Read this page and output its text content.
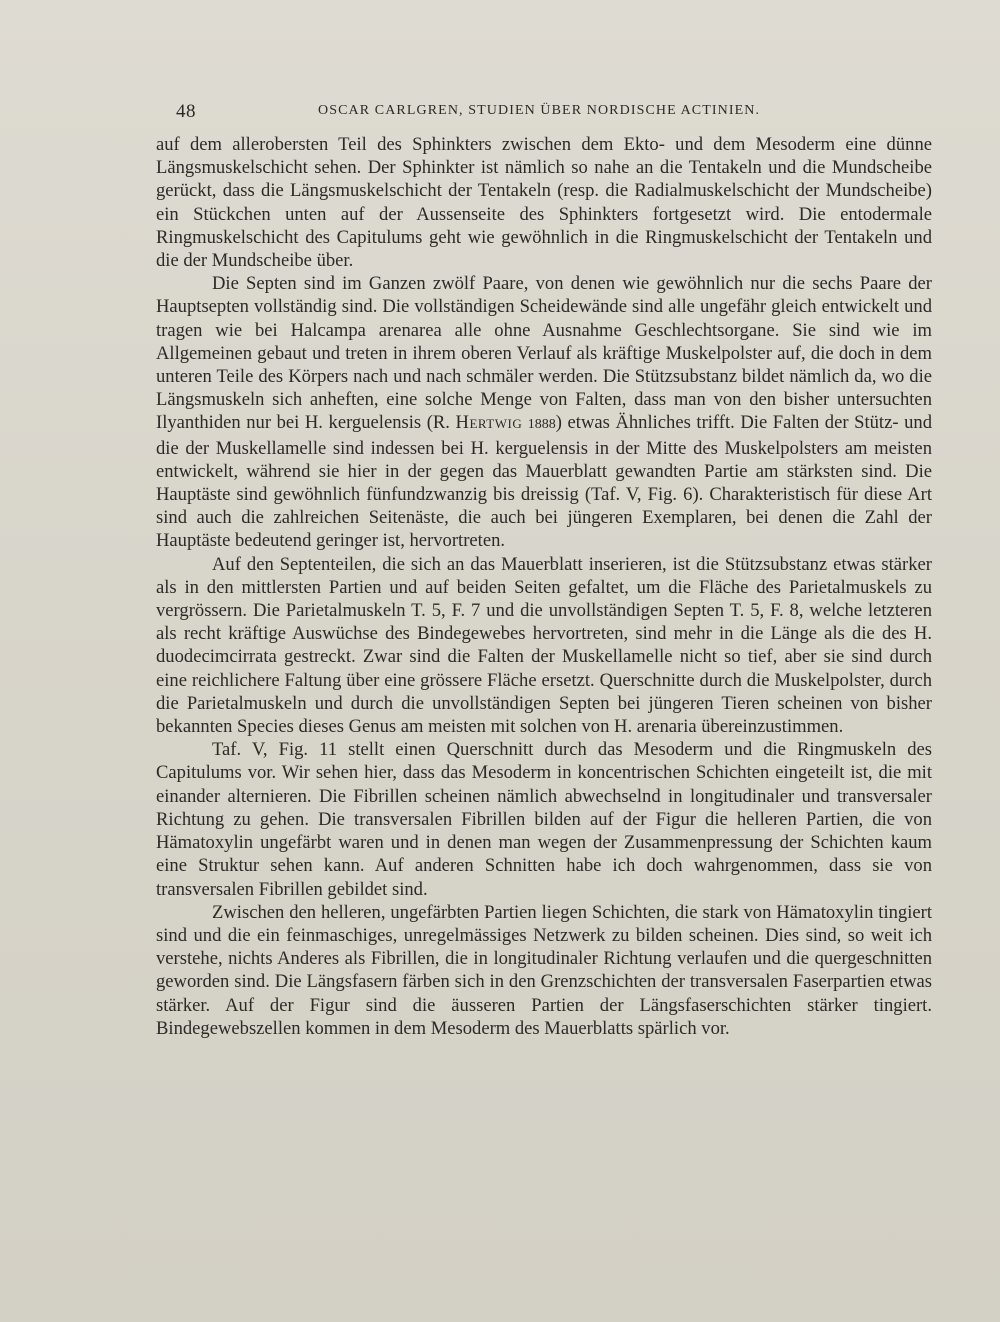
48	OSCAR CARLGREN, STUDIEN ÜBER NORDISCHE ACTINIEN.

auf dem allerobersten Teil des Sphinkters zwischen dem Ekto- und dem Mesoderm eine dünne Längsmuskelschicht sehen. Der Sphinkter ist nämlich so nahe an die Tentakeln und die Mundscheibe gerückt, dass die Längsmuskelschicht der Tentakeln (resp. die Radialmuskelschicht der Mundscheibe) ein Stückchen unten auf der Aussenseite des Sphinkters fortgesetzt wird. Die entodermale Ringmuskelschicht des Capitulums geht wie gewöhnlich in die Ringmuskelschicht der Tentakeln und die der Mundscheibe über.

Die Septen sind im Ganzen zwölf Paare, von denen wie gewöhnlich nur die sechs Paare der Hauptsepten vollständig sind. Die vollständigen Scheidewände sind alle ungefähr gleich entwickelt und tragen wie bei Halcampa arenarea alle ohne Ausnahme Geschlechtsorgane. Sie sind wie im Allgemeinen gebaut und treten in ihrem oberen Verlauf als kräftige Muskelpolster auf, die doch in dem unteren Teile des Körpers nach und nach schmäler werden. Die Stützsubstanz bildet nämlich da, wo die Längsmuskeln sich anheften, eine solche Menge von Falten, dass man von den bisher untersuchten Ilyanthiden nur bei H. kerguelensis (R. Hertwig 1888) etwas Ähnliches trifft. Die Falten der Stütz- und die der Muskellamelle sind indessen bei H. kerguelensis in der Mitte des Muskelpolsters am meisten entwickelt, während sie hier in der gegen das Mauerblatt gewandten Partie am stärksten sind. Die Hauptäste sind gewöhnlich fünfundzwanzig bis dreissig (Taf. V, Fig. 6). Charakteristisch für diese Art sind auch die zahlreichen Seitenäste, die auch bei jüngeren Exemplaren, bei denen die Zahl der Hauptäste bedeutend geringer ist, hervortreten.

Auf den Septenteilen, die sich an das Mauerblatt inserieren, ist die Stützsubstanz etwas stärker als in den mittlersten Partien und auf beiden Seiten gefaltet, um die Fläche des Parietalmuskels zu vergrössern. Die Parietalmuskeln T. 5, F. 7 und die unvollständigen Septen T. 5, F. 8, welche letzteren als recht kräftige Auswüchse des Bindegewebes hervortreten, sind mehr in die Länge als die des H. duodecimcirrata gestreckt. Zwar sind die Falten der Muskellamelle nicht so tief, aber sie sind durch eine reichlichere Faltung über eine grössere Fläche ersetzt. Querschnitte durch die Muskelpolster, durch die Parietalmuskeln und durch die unvollständigen Septen bei jüngeren Tieren scheinen von bisher bekannten Species dieses Genus am meisten mit solchen von H. arenaria übereinzustimmen.

Taf. V, Fig. 11 stellt einen Querschnitt durch das Mesoderm und die Ringmuskeln des Capitulums vor. Wir sehen hier, dass das Mesoderm in koncentrischen Schichten eingeteilt ist, die mit einander alternieren. Die Fibrillen scheinen nämlich abwechselnd in longitudinaler und transversaler Richtung zu gehen. Die transversalen Fibrillen bilden auf der Figur die helleren Partien, die von Hämatoxylin ungefärbt waren und in denen man wegen der Zusammenpressung der Schichten kaum eine Struktur sehen kann. Auf anderen Schnitten habe ich doch wahrgenommen, dass sie von transversalen Fibrillen gebildet sind.

Zwischen den helleren, ungefärbten Partien liegen Schichten, die stark von Hämatoxylin tingiert sind und die ein feinmaschiges, unregelmässiges Netzwerk zu bilden scheinen. Dies sind, so weit ich verstehe, nichts Anderes als Fibrillen, die in longitudinaler Richtung verlaufen und die quergeschnitten geworden sind. Die Längsfasern färben sich in den Grenzschichten der transversalen Faserpartien etwas stärker. Auf der Figur sind die äusseren Partien der Längsfaserschichten stärker tingiert. Bindegewebszellen kommen in dem Mesoderm des Mauerblatts spärlich vor.
